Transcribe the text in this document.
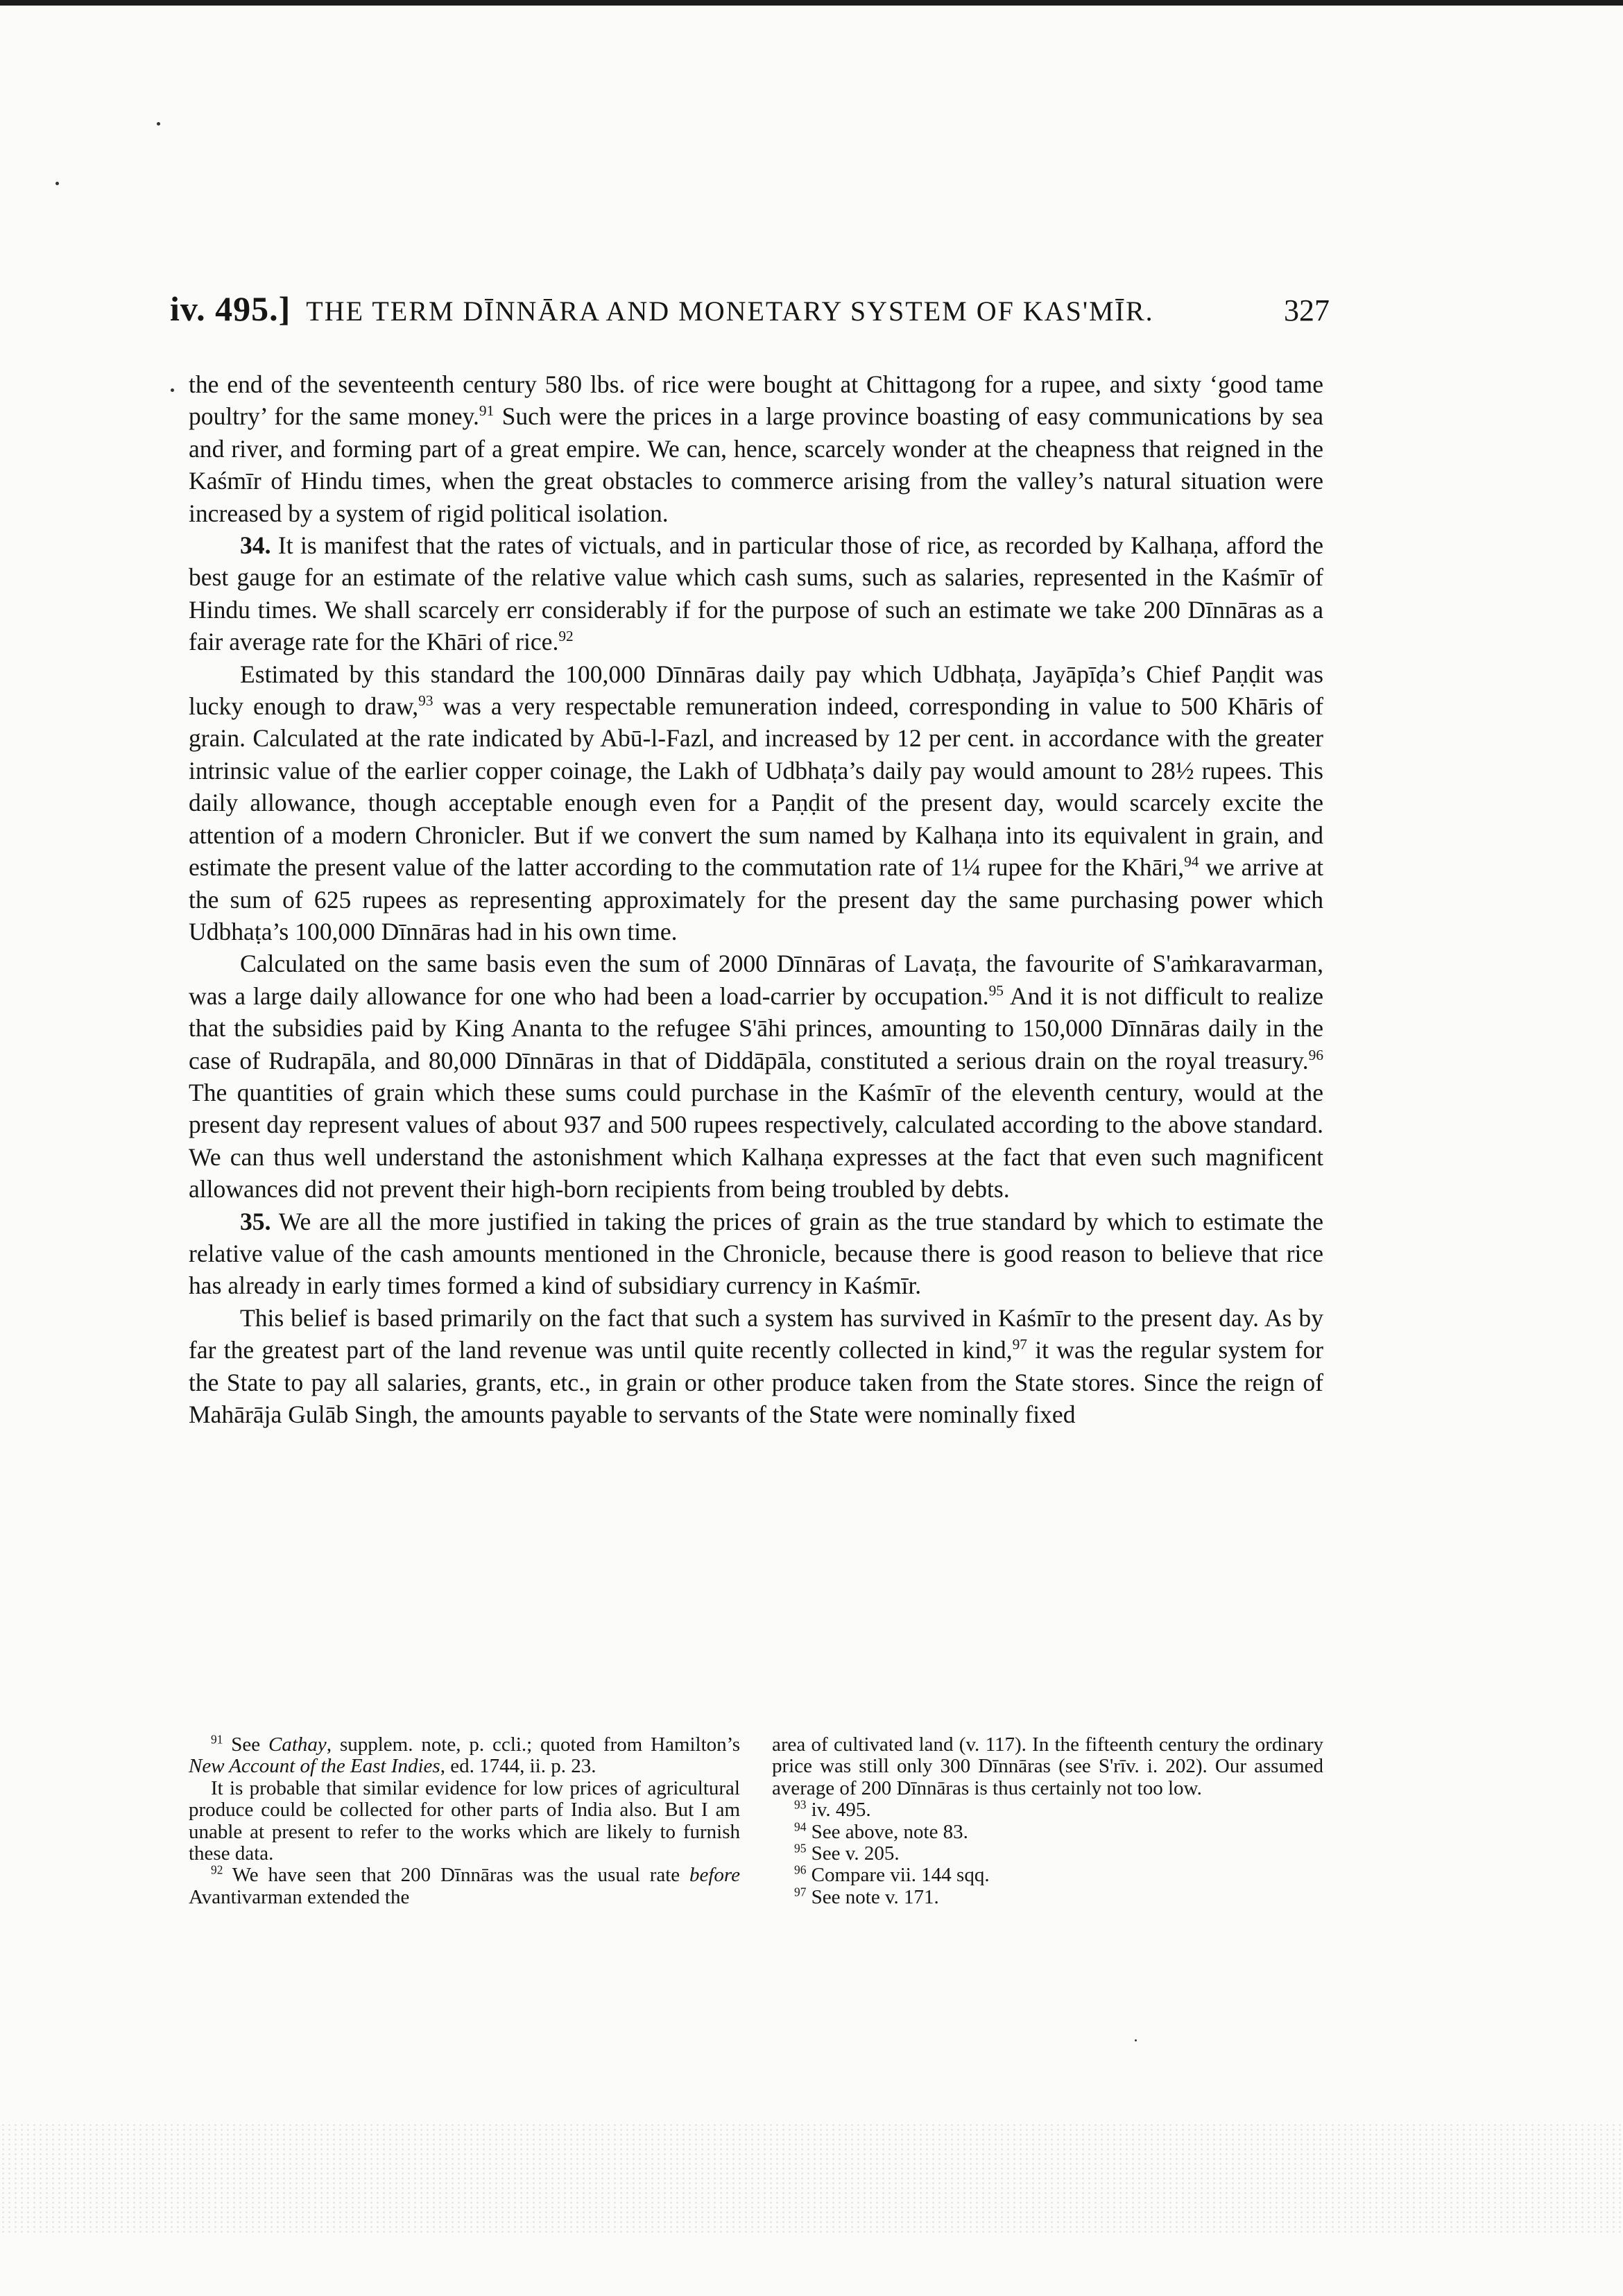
iv. 495.] THE TERM DĪNNĀRA AND MONETARY SYSTEM OF KAS'MĪR.	327

the end of the seventeenth century 580 lbs. of rice were bought at Chittagong for a rupee, and sixty ‘good tame poultry’ for the same money.$^{91}$ Such were the prices in a large province boasting of easy communications by sea and river, and forming part of a great empire. We can, hence, scarcely wonder at the cheapness that reigned in the Kaśmīr of Hindu times, when the great obstacles to commerce arising from the valley’s natural situation were increased by a system of rigid political isolation.

34. It is manifest that the rates of victuals, and in particular those of rice, as recorded by Kalhaṇa, afford the best gauge for an estimate of the relative value which cash sums, such as salaries, represented in the Kaśmīr of Hindu times. We shall scarcely err considerably if for the purpose of such an estimate we take 200 Dīnnāras as a fair average rate for the Khāri of rice.$^{92}$

Estimated by this standard the 100,000 Dīnnāras daily pay which Udbhaṭa, Jayāpīḍa’s Chief Paṇḍit was lucky enough to draw,$^{93}$ was a very respectable remuneration indeed, corresponding in value to 500 Khāris of grain. Calculated at the rate indicated by Abū-l-Fazl, and increased by 12 per cent. in accordance with the greater intrinsic value of the earlier copper coinage, the Lakh of Udbhaṭa’s daily pay would amount to 28½ rupees. This daily allowance, though acceptable enough even for a Paṇḍit of the present day, would scarcely excite the attention of a modern Chronicler. But if we convert the sum named by Kalhaṇa into its equivalent in grain, and estimate the present value of the latter according to the commutation rate of 1¼ rupee for the Khāri,$^{94}$ we arrive at the sum of 625 rupees as representing approximately for the present day the same purchasing power which Udbhaṭa’s 100,000 Dīnnāras had in his own time.

Calculated on the same basis even the sum of 2000 Dīnnāras of Lavaṭa, the favourite of S'aṁkaravarman, was a large daily allowance for one who had been a load-carrier by occupation.$^{95}$ And it is not difficult to realize that the subsidies paid by King Ananta to the refugee S'āhi princes, amounting to 150,000 Dīnnāras daily in the case of Rudrapāla, and 80,000 Dīnnāras in that of Diddāpāla, constituted a serious drain on the royal treasury.$^{96}$ The quantities of grain which these sums could purchase in the Kaśmīr of the eleventh century, would at the present day represent values of about 937 and 500 rupees respectively, calculated according to the above standard. We can thus well understand the astonishment which Kalhaṇa expresses at the fact that even such magnificent allowances did not prevent their high-born recipients from being troubled by debts.

35. We are all the more justified in taking the prices of grain as the true standard by which to estimate the relative value of the cash amounts mentioned in the Chronicle, because there is good reason to believe that rice has already in early times formed a kind of subsidiary currency in Kaśmīr.

This belief is based primarily on the fact that such a system has survived in Kaśmīr to the present day. As by far the greatest part of the land revenue was until quite recently collected in kind,$^{97}$ it was the regular system for the State to pay all salaries, grants, etc., in grain or other produce taken from the State stores. Since the reign of Mahārāja Gulāb Singh, the amounts payable to servants of the State were nominally fixed

$^{91}$ See Cathay, supplem. note, p. ccli.; quoted from Hamilton’s New Account of the East Indies, ed. 1744, ii. p. 23.

It is probable that similar evidence for low prices of agricultural produce could be collected for other parts of India also. But I am unable at present to refer to the works which are likely to furnish these data.

$^{92}$ We have seen that 200 Dīnnāras was the usual rate before Avantivarman extended the

area of cultivated land (v. 117). In the fifteenth century the ordinary price was still only 300 Dīnnāras (see S'rīv. i. 202). Our assumed average of 200 Dīnnāras is thus certainly not too low.

$^{93}$ iv. 495.

$^{94}$ See above, note 83.

$^{95}$ See v. 205.

$^{96}$ Compare vii. 144 sqq.

$^{97}$ See note v. 171.
